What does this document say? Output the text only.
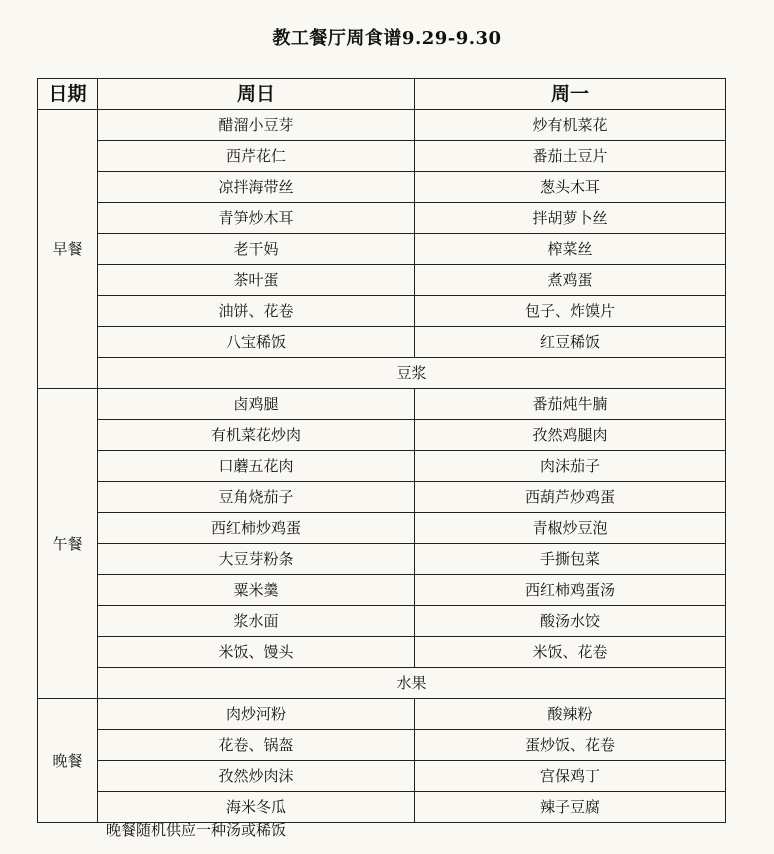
教工餐厅周食谱9.29-9.30
日期	周日	周一
早餐	醋溜小豆芽	炒有机菜花
	西芹花仁	番茄土豆片
	凉拌海带丝	葱头木耳
	青笋炒木耳	拌胡萝卜丝
	老干妈	榨菜丝
	茶叶蛋	煮鸡蛋
	油饼、花卷	包子、炸馍片
	八宝稀饭	红豆稀饭
	豆浆	
午餐	卤鸡腿	番茄炖牛腩
	有机菜花炒肉	孜然鸡腿肉
	口蘑五花肉	肉沫茄子
	豆角烧茄子	西葫芦炒鸡蛋
	西红柿炒鸡蛋	青椒炒豆泡
	大豆芽粉条	手撕包菜
	粟米羹	西红柿鸡蛋汤
	浆水面	酸汤水饺
	米饭、馒头	米饭、花卷
	水果	
晚餐	肉炒河粉	酸辣粉
	花卷、锅盔	蛋炒饭、花卷
	孜然炒肉沫	宫保鸡丁
	海米冬瓜	辣子豆腐
晚餐随机供应一种汤或稀饭
